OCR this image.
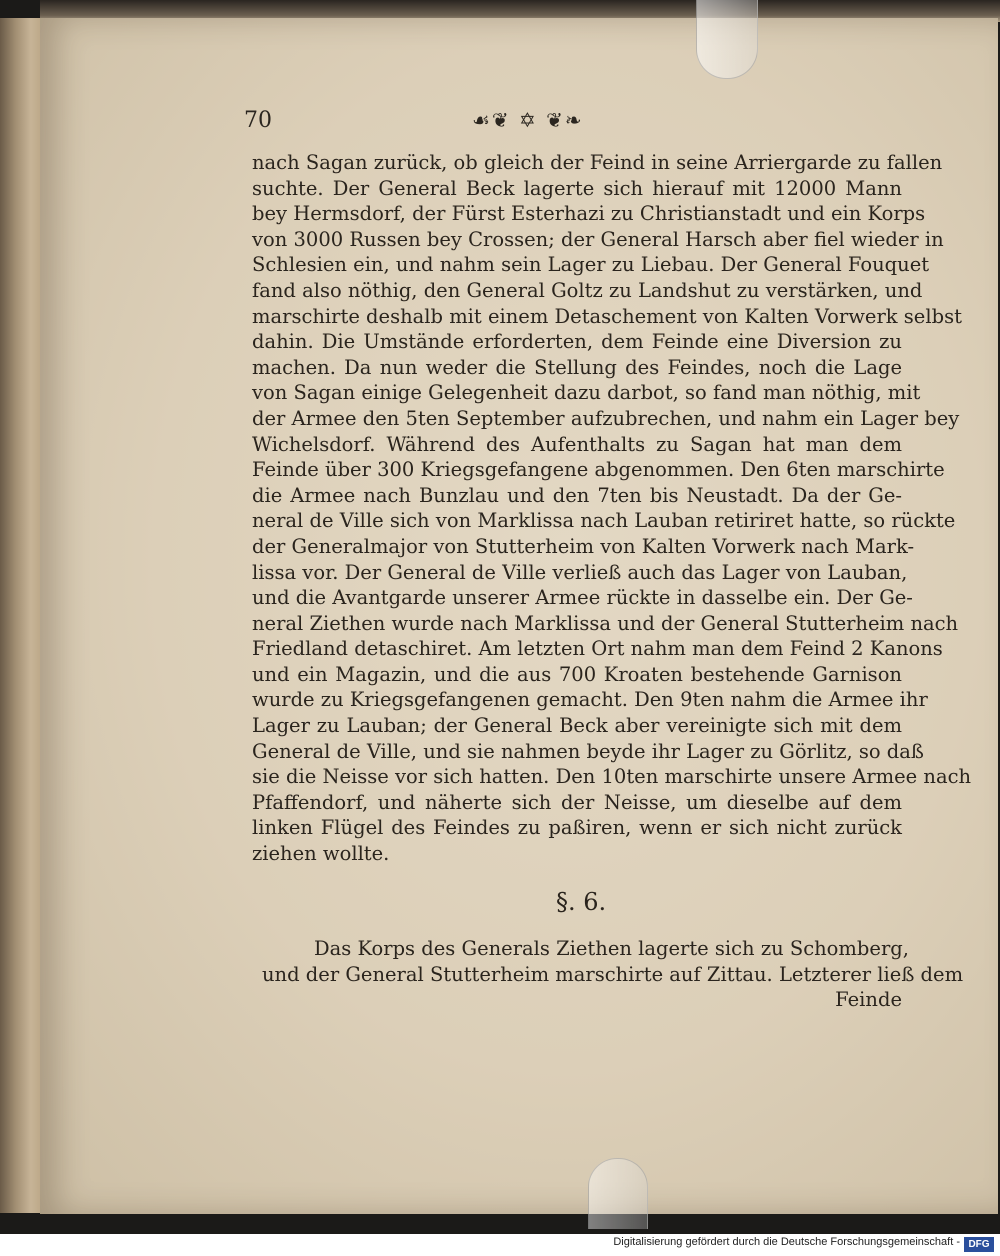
70	☙❦ ✡ ❦❧
nach Sagan zurück, ob gleich der Feind in seine Arriergarde zu fallen
suchte. Der General Beck lagerte sich hierauf mit 12000 Mann
bey Hermsdorf, der Fürst Esterhazi zu Christianstadt und ein Korps
von 3000 Russen bey Crossen; der General Harsch aber fiel wieder in
Schlesien ein, und nahm sein Lager zu Liebau. Der General Fouquet
fand also nöthig, den General Goltz zu Landshut zu verstärken, und
marschirte deshalb mit einem Detaschement von Kalten Vorwerk selbst
dahin. Die Umstände erforderten, dem Feinde eine Diversion zu
machen. Da nun weder die Stellung des Feindes, noch die Lage
von Sagan einige Gelegenheit dazu darbot, so fand man nöthig, mit
der Armee den 5ten September aufzubrechen, und nahm ein Lager bey
Wichelsdorf. Während des Aufenthalts zu Sagan hat man dem
Feinde über 300 Kriegsgefangene abgenommen. Den 6ten marschirte
die Armee nach Bunzlau und den 7ten bis Neustadt. Da der Ge-
neral de Ville sich von Marklissa nach Lauban retiriret hatte, so rückte
der Generalmajor von Stutterheim von Kalten Vorwerk nach Mark-
lissa vor. Der General de Ville verließ auch das Lager von Lauban,
und die Avantgarde unserer Armee rückte in dasselbe ein. Der Ge-
neral Ziethen wurde nach Marklissa und der General Stutterheim nach
Friedland detaschiret. Am letzten Ort nahm man dem Feind 2 Kanons
und ein Magazin, und die aus 700 Kroaten bestehende Garnison
wurde zu Kriegsgefangenen gemacht. Den 9ten nahm die Armee ihr
Lager zu Lauban; der General Beck aber vereinigte sich mit dem
General de Ville, und sie nahmen beyde ihr Lager zu Görlitz, so daß
sie die Neisse vor sich hatten. Den 10ten marschirte unsere Armee nach
Pfaffendorf, und näherte sich der Neisse, um dieselbe auf dem
linken Flügel des Feindes zu paßiren, wenn er sich nicht zurück
ziehen wollte.
§. 6.
Das Korps des Generals Ziethen lagerte sich zu Schomberg,
und der General Stutterheim marschirte auf Zittau. Letzterer ließ dem
Feinde
Digitalisierung gefördert durch die Deutsche Forschungsgemeinschaft - DFG
